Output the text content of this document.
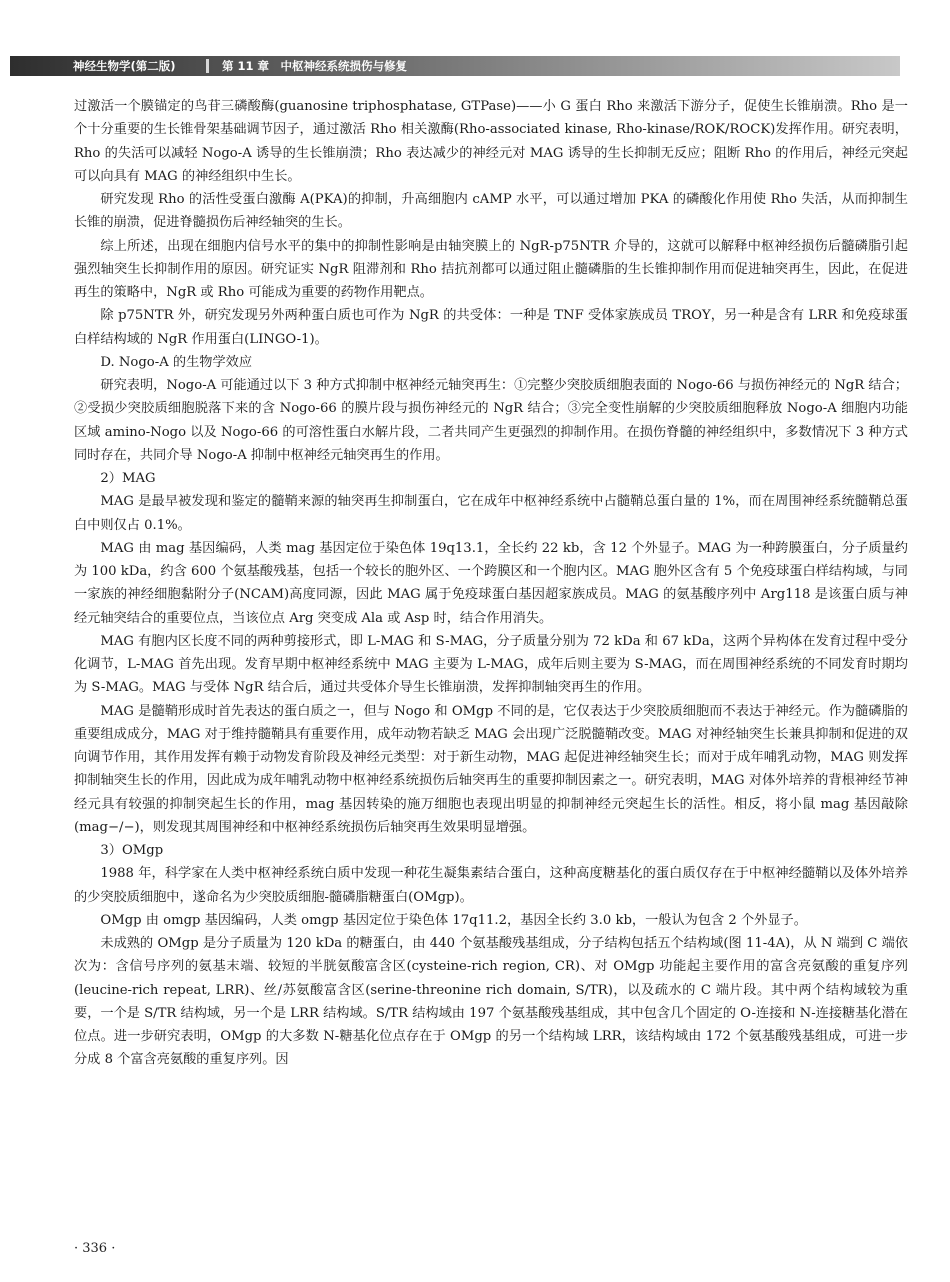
神经生物学(第二版)	第 11 章　中枢神经系统损伤与修复

过激活一个膜锚定的鸟苷三磷酸酶(guanosine triphosphatase, GTPase)——小 G 蛋白 Rho 来激活下游分子，促使生长锥崩溃。Rho 是一个十分重要的生长锥骨架基础调节因子，通过激活 Rho 相关激酶(Rho-associated kinase, Rho-kinase/ROK/ROCK)发挥作用。研究表明，Rho 的失活可以减轻 Nogo-A 诱导的生长锥崩溃；Rho 表达减少的神经元对 MAG 诱导的生长抑制无反应；阻断 Rho 的作用后，神经元突起可以向具有 MAG 的神经组织中生长。

研究发现 Rho 的活性受蛋白激酶 A(PKA)的抑制，升高细胞内 cAMP 水平，可以通过增加 PKA 的磷酸化作用使 Rho 失活，从而抑制生长锥的崩溃，促进脊髓损伤后神经轴突的生长。

综上所述，出现在细胞内信号水平的集中的抑制性影响是由轴突膜上的 NgR-p75NTR 介导的，这就可以解释中枢神经损伤后髓磷脂引起强烈轴突生长抑制作用的原因。研究证实 NgR 阻滞剂和 Rho 拮抗剂都可以通过阻止髓磷脂的生长锥抑制作用而促进轴突再生，因此，在促进再生的策略中，NgR 或 Rho 可能成为重要的药物作用靶点。

除 p75NTR 外，研究发现另外两种蛋白质也可作为 NgR 的共受体：一种是 TNF 受体家族成员 TROY，另一种是含有 LRR 和免疫球蛋白样结构域的 NgR 作用蛋白(LINGO-1)。

D. Nogo-A 的生物学效应

研究表明，Nogo-A 可能通过以下 3 种方式抑制中枢神经元轴突再生：①完整少突胶质细胞表面的 Nogo-66 与损伤神经元的 NgR 结合；②受损少突胶质细胞脱落下来的含 Nogo-66 的膜片段与损伤神经元的 NgR 结合；③完全变性崩解的少突胶质细胞释放 Nogo-A 细胞内功能区域 amino-Nogo 以及 Nogo-66 的可溶性蛋白水解片段，二者共同产生更强烈的抑制作用。在损伤脊髓的神经组织中，多数情况下 3 种方式同时存在，共同介导 Nogo-A 抑制中枢神经元轴突再生的作用。

2）MAG

MAG 是最早被发现和鉴定的髓鞘来源的轴突再生抑制蛋白，它在成年中枢神经系统中占髓鞘总蛋白量的 1%，而在周围神经系统髓鞘总蛋白中则仅占 0.1%。

MAG 由 mag 基因编码，人类 mag 基因定位于染色体 19q13.1，全长约 22 kb，含 12 个外显子。MAG 为一种跨膜蛋白，分子质量约为 100 kDa，约含 600 个氨基酸残基，包括一个较长的胞外区、一个跨膜区和一个胞内区。MAG 胞外区含有 5 个免疫球蛋白样结构域，与同一家族的神经细胞黏附分子(NCAM)高度同源，因此 MAG 属于免疫球蛋白基因超家族成员。MAG 的氨基酸序列中 Arg118 是该蛋白质与神经元轴突结合的重要位点，当该位点 Arg 突变成 Ala 或 Asp 时，结合作用消失。

MAG 有胞内区长度不同的两种剪接形式，即 L-MAG 和 S-MAG，分子质量分别为 72 kDa 和 67 kDa，这两个异构体在发育过程中受分化调节，L-MAG 首先出现。发育早期中枢神经系统中 MAG 主要为 L-MAG，成年后则主要为 S-MAG，而在周围神经系统的不同发育时期均为 S-MAG。MAG 与受体 NgR 结合后，通过共受体介导生长锥崩溃，发挥抑制轴突再生的作用。

MAG 是髓鞘形成时首先表达的蛋白质之一，但与 Nogo 和 OMgp 不同的是，它仅表达于少突胶质细胞而不表达于神经元。作为髓磷脂的重要组成成分，MAG 对于维持髓鞘具有重要作用，成年动物若缺乏 MAG 会出现广泛脱髓鞘改变。MAG 对神经轴突生长兼具抑制和促进的双向调节作用，其作用发挥有赖于动物发育阶段及神经元类型：对于新生动物，MAG 起促进神经轴突生长；而对于成年哺乳动物，MAG 则发挥抑制轴突生长的作用，因此成为成年哺乳动物中枢神经系统损伤后轴突再生的重要抑制因素之一。研究表明，MAG 对体外培养的背根神经节神经元具有较强的抑制突起生长的作用，mag 基因转染的施万细胞也表现出明显的抑制神经元突起生长的活性。相反，将小鼠 mag 基因敲除(mag−/−)，则发现其周围神经和中枢神经系统损伤后轴突再生效果明显增强。

3）OMgp

1988 年，科学家在人类中枢神经系统白质中发现一种花生凝集素结合蛋白，这种高度糖基化的蛋白质仅存在于中枢神经髓鞘以及体外培养的少突胶质细胞中，遂命名为少突胶质细胞-髓磷脂糖蛋白(OMgp)。

OMgp 由 omgp 基因编码，人类 omgp 基因定位于染色体 17q11.2，基因全长约 3.0 kb，一般认为包含 2 个外显子。

未成熟的 OMgp 是分子质量为 120 kDa 的糖蛋白，由 440 个氨基酸残基组成，分子结构包括五个结构域(图 11-4A)，从 N 端到 C 端依次为：含信号序列的氨基末端、较短的半胱氨酸富含区(cysteine-rich region, CR)、对 OMgp 功能起主要作用的富含亮氨酸的重复序列(leucine-rich repeat, LRR)、丝/苏氨酸富含区(serine-threonine rich domain, S/TR)，以及疏水的 C 端片段。其中两个结构域较为重要，一个是 S/TR 结构域，另一个是 LRR 结构域。S/TR 结构域由 197 个氨基酸残基组成，其中包含几个固定的 O-连接和 N-连接糖基化潜在位点。进一步研究表明，OMgp 的大多数 N-糖基化位点存在于 OMgp 的另一个结构域 LRR，该结构域由 172 个氨基酸残基组成，可进一步分成 8 个富含亮氨酸的重复序列。因

· 336 ·
